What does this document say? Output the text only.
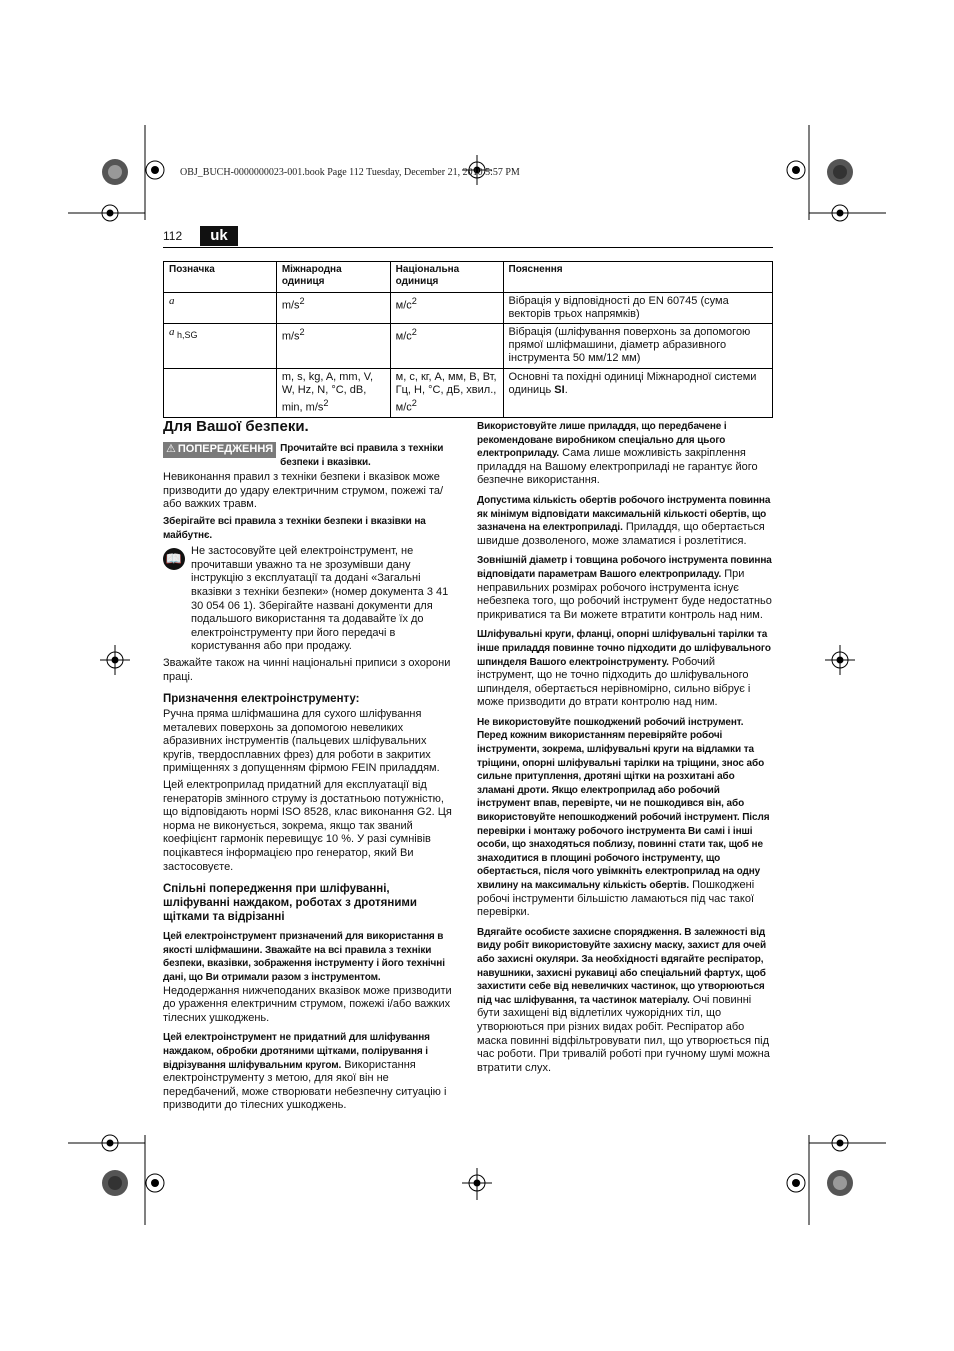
OBJ_BUCH-0000000023-001.book Page 112 Tuesday, December 21, 2010 5:57 PM
112	uk
Позначка	Міжнародна одиниця	Національна одиниця	Пояснення
a	$m/s^2$	$м/с^2$	Вібрація у відповідності до EN 60745 (сума векторів трьох напрямків)
a $_{h,SG}$	$m/s^2$	$м/с^2$	Вібрація (шліфування поверхонь за допомогою прямої шліфмашини, діаметр абразивного інструмента 50 мм/12 мм)
	m, s, kg, A, mm, V, W, Hz, N, °C, dB, min, $m/s^2$	м, с, кг, А, мм, В, Вт, Гц, Н, °C, дБ, хвил., $м/с^2$	Основні та похідні одиниці Міжнародної системи одиниць SI.
Для Вашої безпеки.
⚠ ПОПЕРЕДЖЕННЯ Прочитайте всі правила з техніки безпеки і вказівки.

Невиконання правил з техніки безпеки і вказівок може призводити до удару електричним струмом, пожежі та/або важких травм.

Зберігайте всі правила з техніки безпеки і вказівки на майбутнє.

📖 Не застосовуйте цей електроінструмент, не прочитавши уважно та не зрозумівши дану інструкцію з експлуатації та додані «Загальні вказівки з техніки безпеки» (номер документа 3 41 30 054 06 1). Зберігайте названі документи для подальшого використання та додавайте їх до електроінструменту при його передачі в користування або при продажу.

Зважайте також на чинні національні приписи з охорони праці.

Призначення електроінструменту:

Ручна пряма шліфмашина для сухого шліфування металевих поверхонь за допомогою невеликих абразивних інструментів (пальцевих шліфувальних кругів, твердосплавних фрез) для роботи в закритих приміщеннях з допущенням фірмою FEIN приладдям.

Цей електроприлад придатний для експлуатації від генераторів змінного струму із достатньою потужністю, що відповідають нормі ISO 8528, клас виконання G2. Ця норма не виконується, зокрема, якщо так званий коефіцієнт гармонік перевищує 10 %. У разі сумнівів поцікавтеся інформацією про генератор, який Ви застосовуєте.

Спільні попередження при шліфуванні, шліфуванні наждаком, роботах з дротяними щітками та відрізанні

Цей електроінструмент призначений для використання в якості шліфмашини. Зважайте на всі правила з техніки безпеки, вказівки, зображення інструменту і його технічні дані, що Ви отримали разом з інструментом. Недодержання нижчеподаних вказівок може призводити до ураження електричним струмом, пожежі і/або важких тілесних ушкоджень.

Цей електроінструмент не придатний для шліфування наждаком, обробки дротяними щітками, полірування і відрізування шліфувальним кругом. Використання електроінструменту з метою, для якої він не передбачений, може створювати небезпечну ситуацію і призводити до тілесних ушкоджень.

Використовуйте лише приладдя, що передбачене і рекомендоване виробником спеціально для цього електроприладу. Сама лише можливість закріплення приладдя на Вашому електроприладі не гарантує його безпечне використання.

Допустима кількість обертів робочого інструмента повинна як мінімум відповідати максимальній кількості обертів, що зазначена на електроприладі. Приладдя, що обертається швидше дозволеного, може зламатися і розлетітися.

Зовнішній діаметр і товщина робочого інструмента повинна відповідати параметрам Вашого електроприладу. При неправильних розмірах робочого інструмента існує небезпека того, що робочий інструмент буде недостатньо прикриватися та Ви можете втратити контроль над ним.

Шліфувальні круги, фланці, опорні шліфувальні тарілки та інше приладдя повинне точно підходити до шліфувального шпинделя Вашого електроінструменту. Робочий інструмент, що не точно підходить до шліфувального шпинделя, обертається нерівномірно, сильно вібрує і може призводити до втрати контролю над ним.

Не використовуйте пошкоджений робочий інструмент. Перед кожним використанням перевіряйте робочі інструменти, зокрема, шліфувальні круги на відламки та тріщини, опорні шліфувальні тарілки на тріщини, знос або сильне притуплення, дротяні щітки на розхитані або зламані дроти. Якщо електроприлад або робочий інструмент впав, перевірте, чи не пошкодився він, або використовуйте непошкоджений робочий інструмент. Після перевірки і монтажу робочого інструмента Ви самі і інші особи, що знаходяться поблизу, повинні стати так, щоб не знаходитися в площині робочого інструменту, що обертається, після чого увімкніть електроприлад на одну хвилину на максимальну кількість обертів. Пошкоджені робочі інструменти більшістю ламаються під час такої перевірки.

Вдягайте особисте захисне спорядження. В залежності від виду робіт використовуйте захисну маску, захист для очей або захисні окуляри. За необхідності вдягайте респіратор, навушники, захисні рукавиці або спеціальний фартух, щоб захистити себе від невеличких частинок, що утворюються під час шліфування, та частинок матеріалу. Очі повинні бути захищені від відлетілих чужорідних тіл, що утворюються при різних видах робіт. Респіратор або маска повинні відфільтровувати пил, що утворюється під час роботи. При тривалій роботі при гучному шумі можна втратити слух.
